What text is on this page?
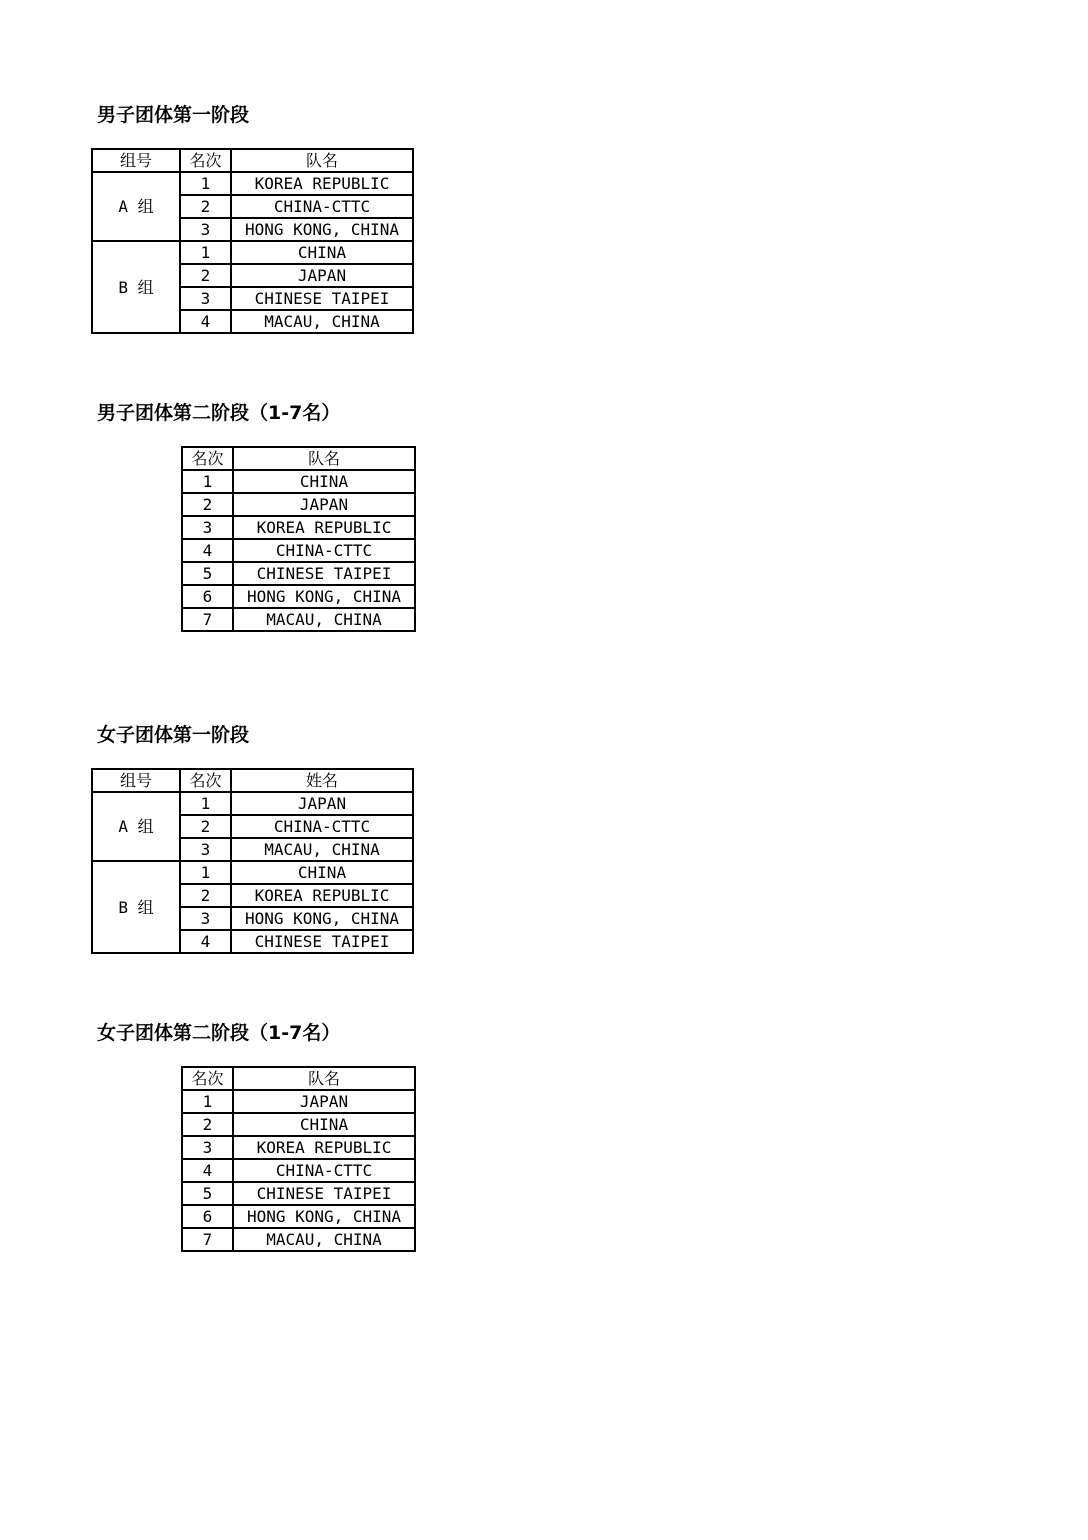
男子团体第一阶段
组号	名次	队名
A 组	1	KOREA REPUBLIC
	2	CHINA-CTTC
	3	HONG KONG, CHINA
B 组	1	CHINA
	2	JAPAN
	3	CHINESE TAIPEI
	4	MACAU, CHINA
男子团体第二阶段（1-7名）
名次	队名
1	CHINA
2	JAPAN
3	KOREA REPUBLIC
4	CHINA-CTTC
5	CHINESE TAIPEI
6	HONG KONG, CHINA
7	MACAU, CHINA
女子团体第一阶段
组号	名次	姓名
A 组	1	JAPAN
	2	CHINA-CTTC
	3	MACAU, CHINA
B 组	1	CHINA
	2	KOREA REPUBLIC
	3	HONG KONG, CHINA
	4	CHINESE TAIPEI
女子团体第二阶段（1-7名）
名次	队名
1	JAPAN
2	CHINA
3	KOREA REPUBLIC
4	CHINA-CTTC
5	CHINESE TAIPEI
6	HONG KONG, CHINA
7	MACAU, CHINA
